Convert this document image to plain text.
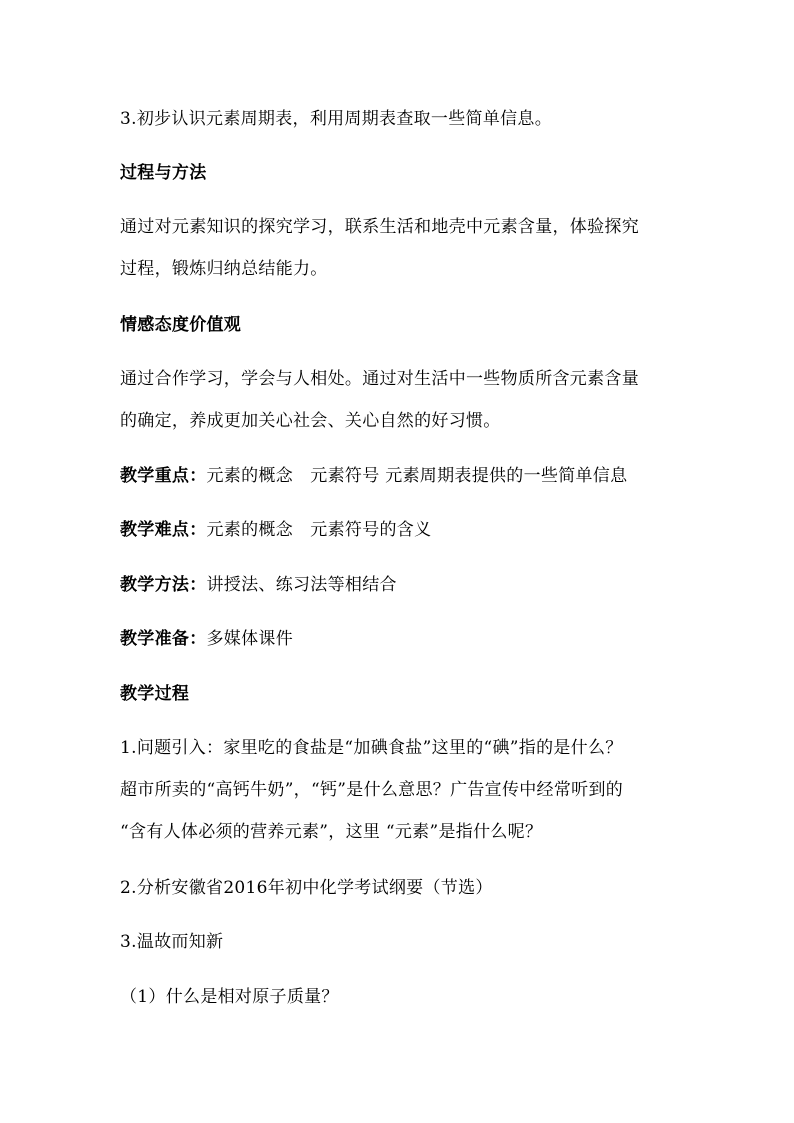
3.初步认识元素周期表，利用周期表查取一些简单信息。
过程与方法
通过对元素知识的探究学习，联系生活和地壳中元素含量，体验探究
过程，锻炼归纳总结能力。
情感态度价值观
通过合作学习，学会与人相处。通过对生活中一些物质所含元素含量
的确定，养成更加关心社会、关心自然的好习惯。
教学重点：元素的概念　元素符号 元素周期表提供的一些简单信息
教学难点：元素的概念　元素符号的含义
教学方法：讲授法、练习法等相结合
教学准备：多媒体课件
教学过程
1.问题引入：家里吃的食盐是“加碘食盐”这里的“碘”指的是什么？
超市所卖的“高钙牛奶”，“钙”是什么意思？广告宣传中经常听到的
“含有人体必须的营养元素”，这里 “元素”是指什么呢？
2.分析安徽省2016年初中化学考试纲要（节选）
3.温故而知新
（1）什么是相对原子质量？
